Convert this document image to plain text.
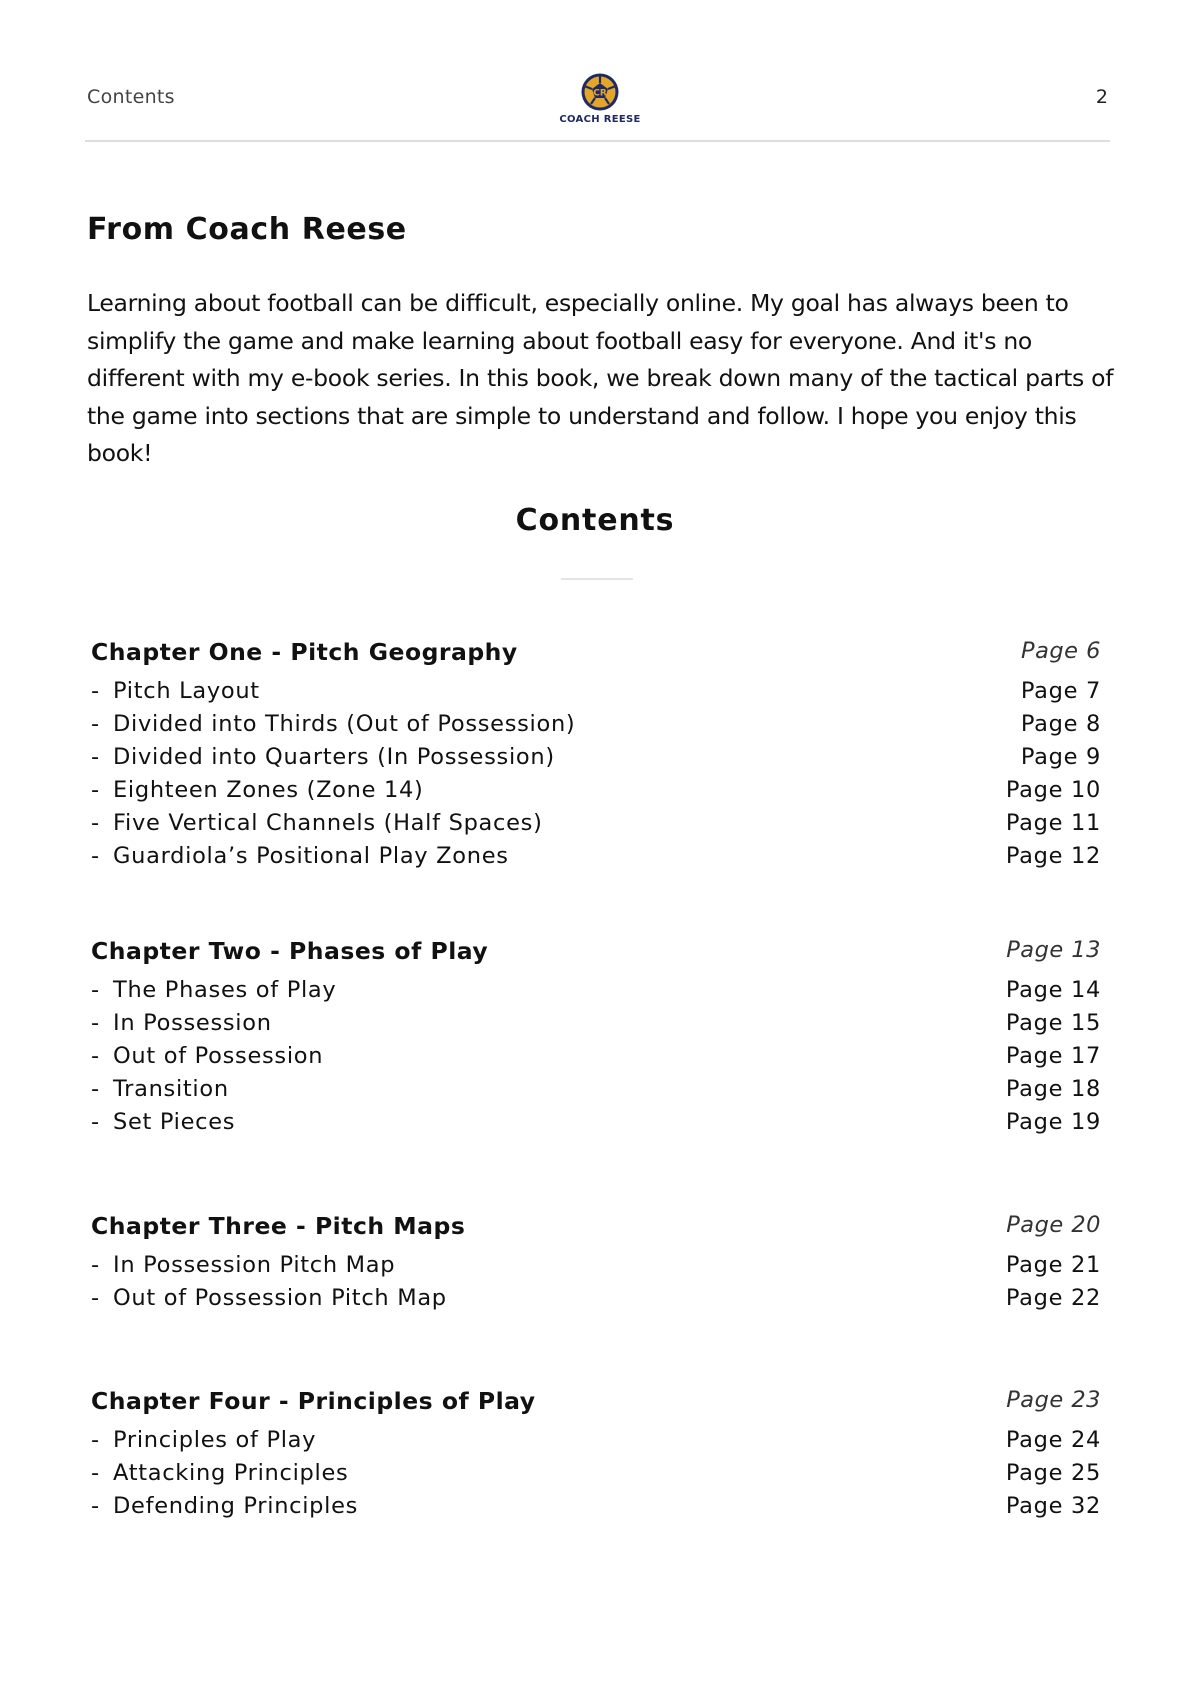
Contents	CR
COACH REESE
2
From Coach Reese

Learning about football can be difficult, especially online. My goal has always been to simplify the game and make learning about football easy for everyone. And it's no different with my e-book series. In this book, we break down many of the tactical parts of the game into sections that are simple to understand and follow. I hope you enjoy this book!

Contents
Chapter One - Pitch Geography	Page 6
- Pitch Layout	Page 7
- Divided into Thirds (Out of Possession)	Page 8
- Divided into Quarters (In Possession)	Page 9
- Eighteen Zones (Zone 14)	Page 10
- Five Vertical Channels (Half Spaces)	Page 11
- Guardiola’s Positional Play Zones	Page 12
Chapter Two - Phases of Play	Page 13
- The Phases of Play	Page 14
- In Possession	Page 15
- Out of Possession	Page 17
- Transition	Page 18
- Set Pieces	Page 19
Chapter Three - Pitch Maps	Page 20
- In Possession Pitch Map	Page 21
- Out of Possession Pitch Map	Page 22
Chapter Four - Principles of Play	Page 23
- Principles of Play	Page 24
- Attacking Principles	Page 25
- Defending Principles	Page 32
